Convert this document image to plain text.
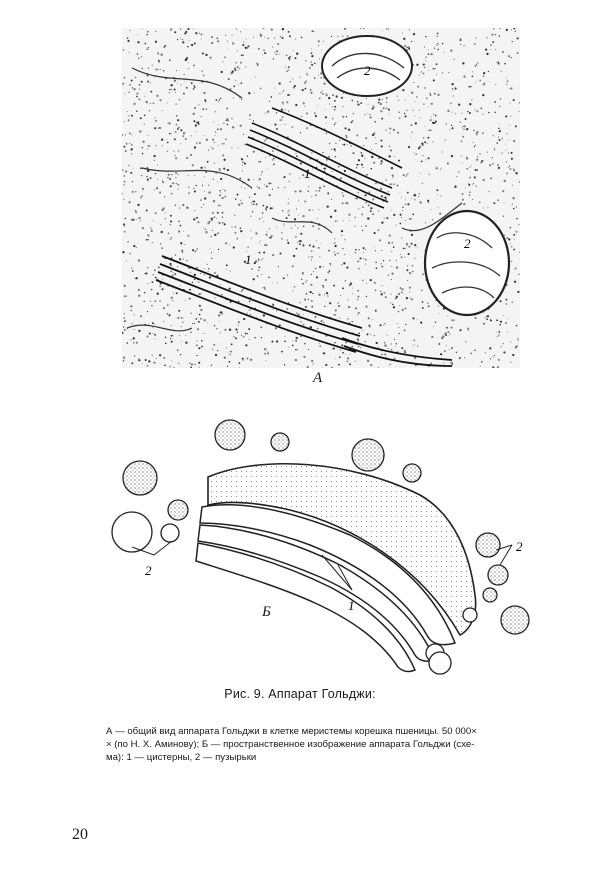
2
1
1
2
А
2
1
2
Б
Рис. 9. Аппарат Гольджи:
А — общий вид аппарата Гольджи в клетке меристемы корешка пшеницы. 50 000×
× (по Н. Х. Аминову); Б — пространственное изображение аппарата Гольджи (схе-
ма): 1 — цистерны, 2 — пузырьки
20
